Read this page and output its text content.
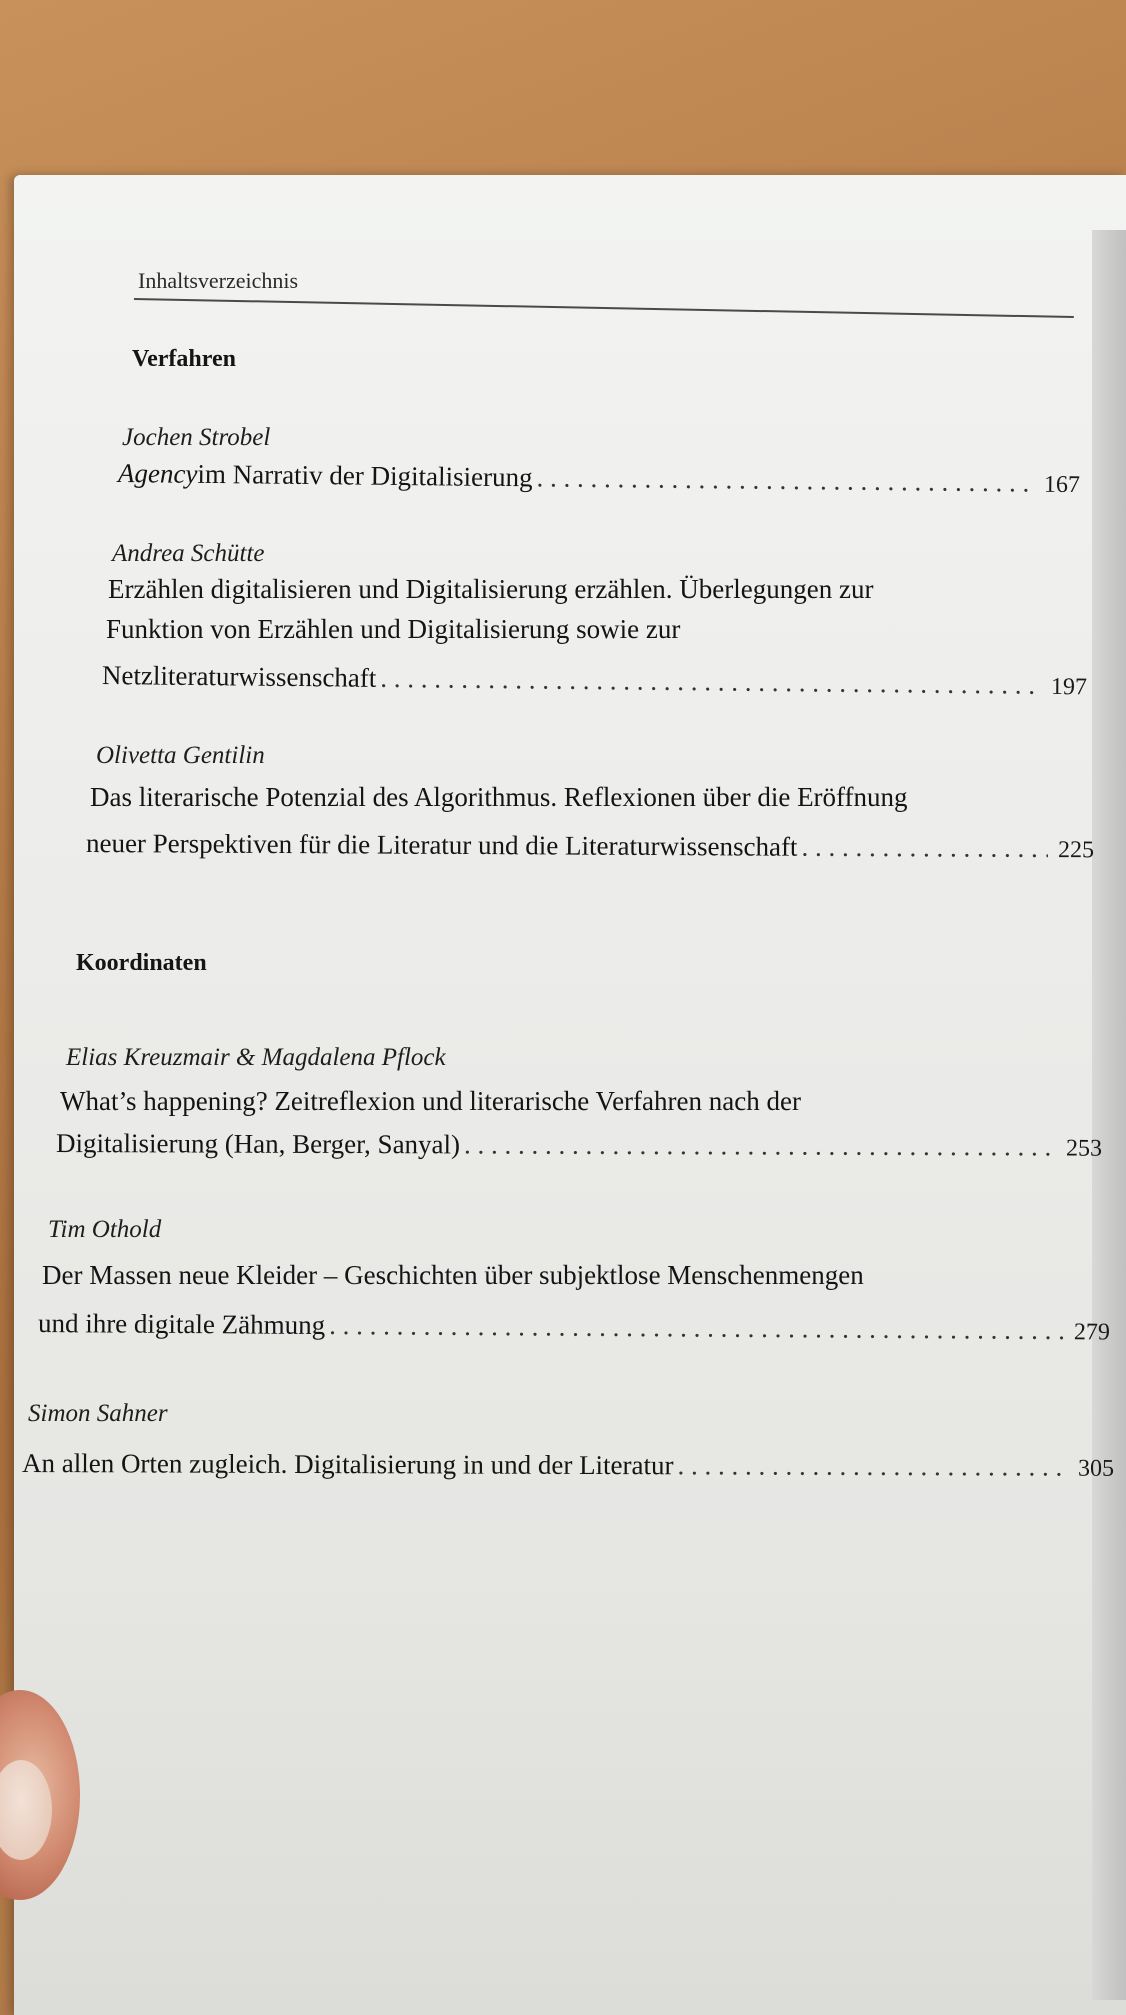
Inhaltsverzeichnis
Verfahren
Jochen Strobel
Agency im Narrativ der Digitalisierung . . .	167
Andrea Schütte
Erzählen digitalisieren und Digitalisierung erzählen. Überlegungen zur
Funktion von Erzählen und Digitalisierung sowie zur
Netzliteraturwissenschaft . . .	197
Olivetta Gentilin
Das literarische Potenzial des Algorithmus. Reflexionen über die Eröffnung
neuer Perspektiven für die Literatur und die Literaturwissenschaft . . .	225
Koordinaten
Elias Kreuzmair & Magdalena Pflock
What’s happening? Zeitreflexion und literarische Verfahren nach der
Digitalisierung (Han, Berger, Sanyal) . . .	253
Tim Othold
Der Massen neue Kleider – Geschichten über subjektlose Menschenmengen
und ihre digitale Zähmung . . .	279
Simon Sahner
An allen Orten zugleich. Digitalisierung in und der Literatur . . .	305
